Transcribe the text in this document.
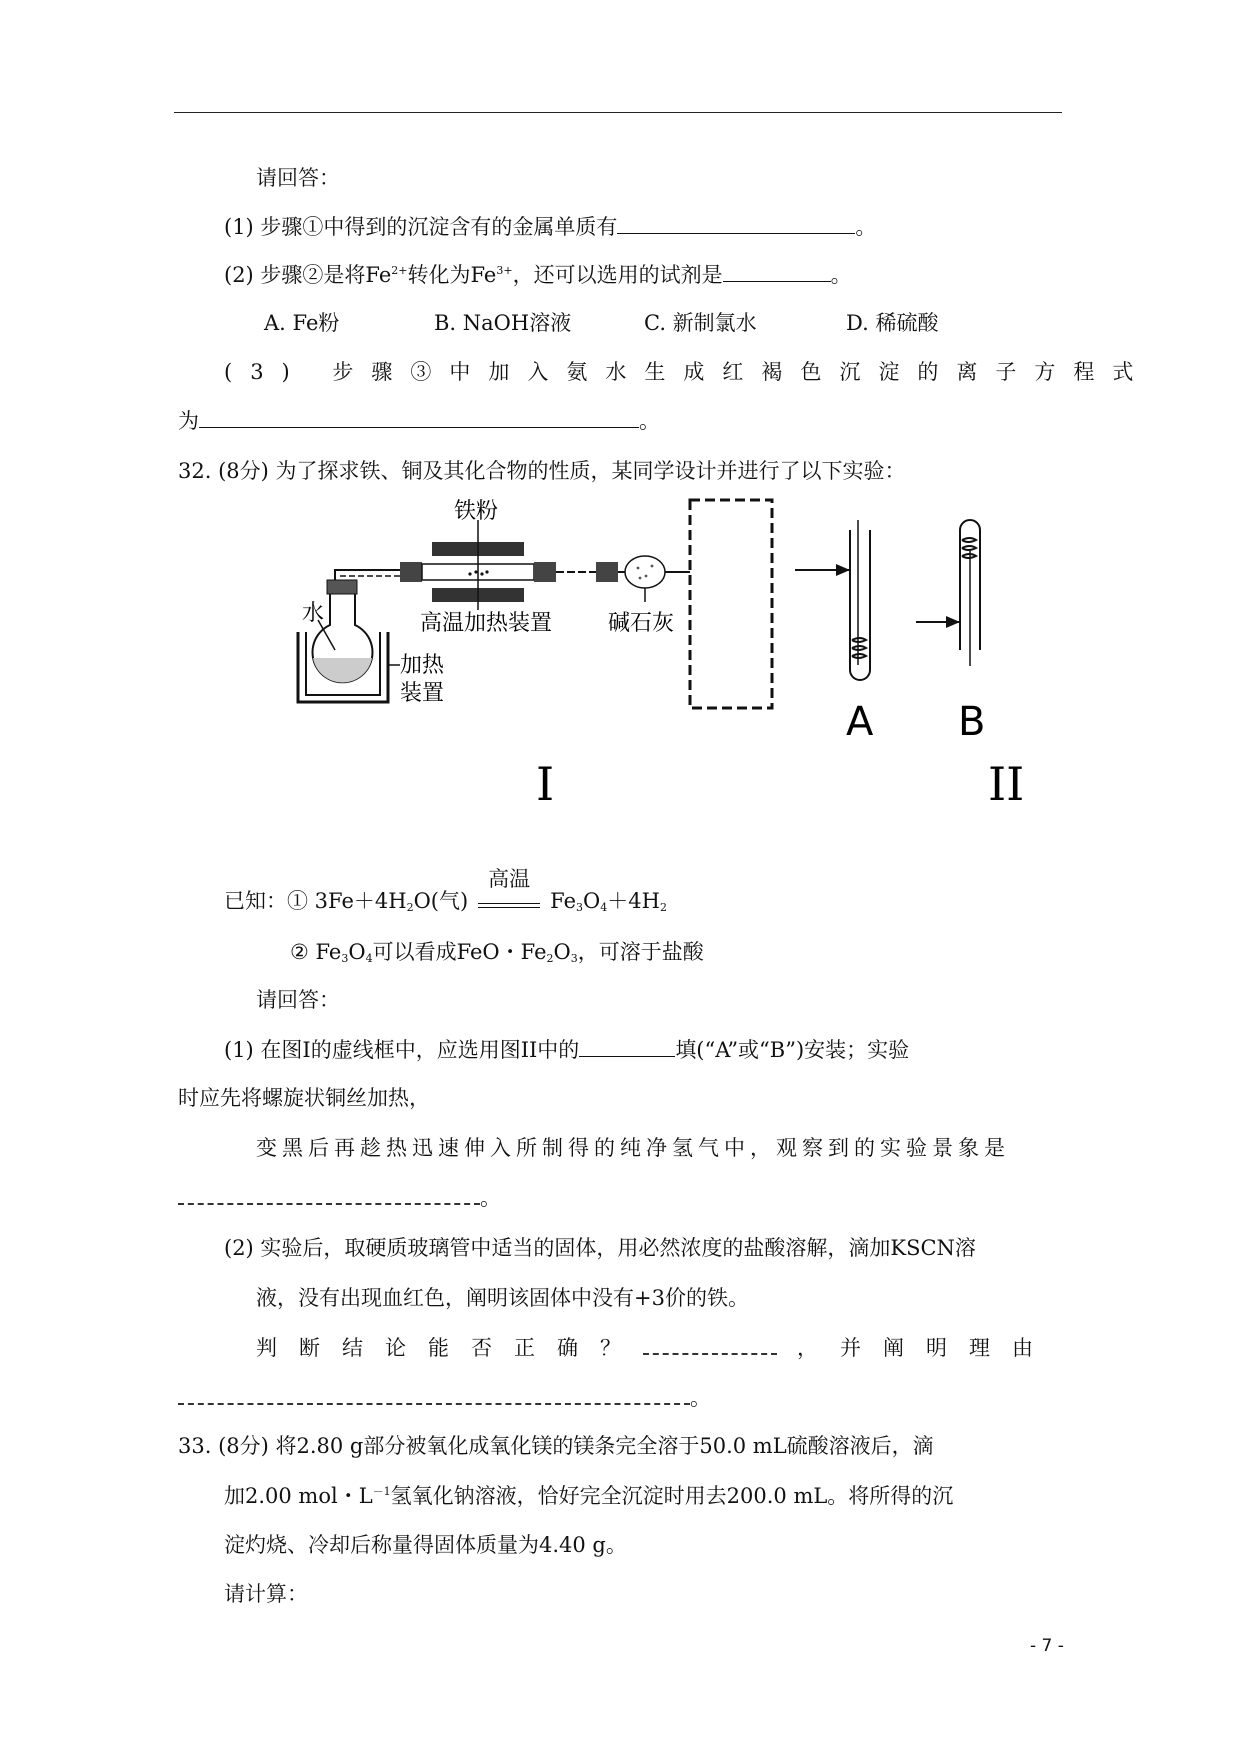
请回答：
(1) 步骤①中得到的沉淀含有的金属单质有	。
(2) 步骤②是将$Fe^{2+}$转化为$Fe^{3+}$，还可以选用的试剂是	。
A. Fe粉	B. NaOH溶液	C. 新制氯水	D. 稀硫酸
(3) 步骤③中加入氨水生成红褐色沉淀的离子方程式
为	。
32. (8分) 为了探求铁、铜及其化合物的性质，某同学设计并进行了以下实验：
水
加热
装置
铁粉
高温加热装置	碱石灰
I
A B
II
已知：① $3Fe+4H_2O$(气)
高温
$Fe_3O_4+4H_2$
② $Fe_3O_4$可以看成FeO・$Fe_2O_3$，可溶于盐酸
请回答：
(1) 在图I的虚线框中，应选用图II中的	填(“A”或“B”)安装；实验
时应先将螺旋状铜丝加热，
变黑后再趁热迅速伸入所制得的纯净氢气中，观察到的实验景象是
。
(2) 实验后，取硬质玻璃管中适当的固体，用必然浓度的盐酸溶解，滴加KSCN溶
液，没有出现血红色，阐明该固体中没有+3价的铁。
判断结论能否正确？	，并阐明理由
。
33. (8分) 将2.80 g部分被氧化成氧化镁的镁条完全溶于50.0 mL硫酸溶液后，滴
加2.00 mol・$L^{-1}$氢氧化钠溶液，恰好完全沉淀时用去200.0 mL。将所得的沉
淀灼烧、冷却后称量得固体质量为4.40 g。
请计算：
- 7 -
